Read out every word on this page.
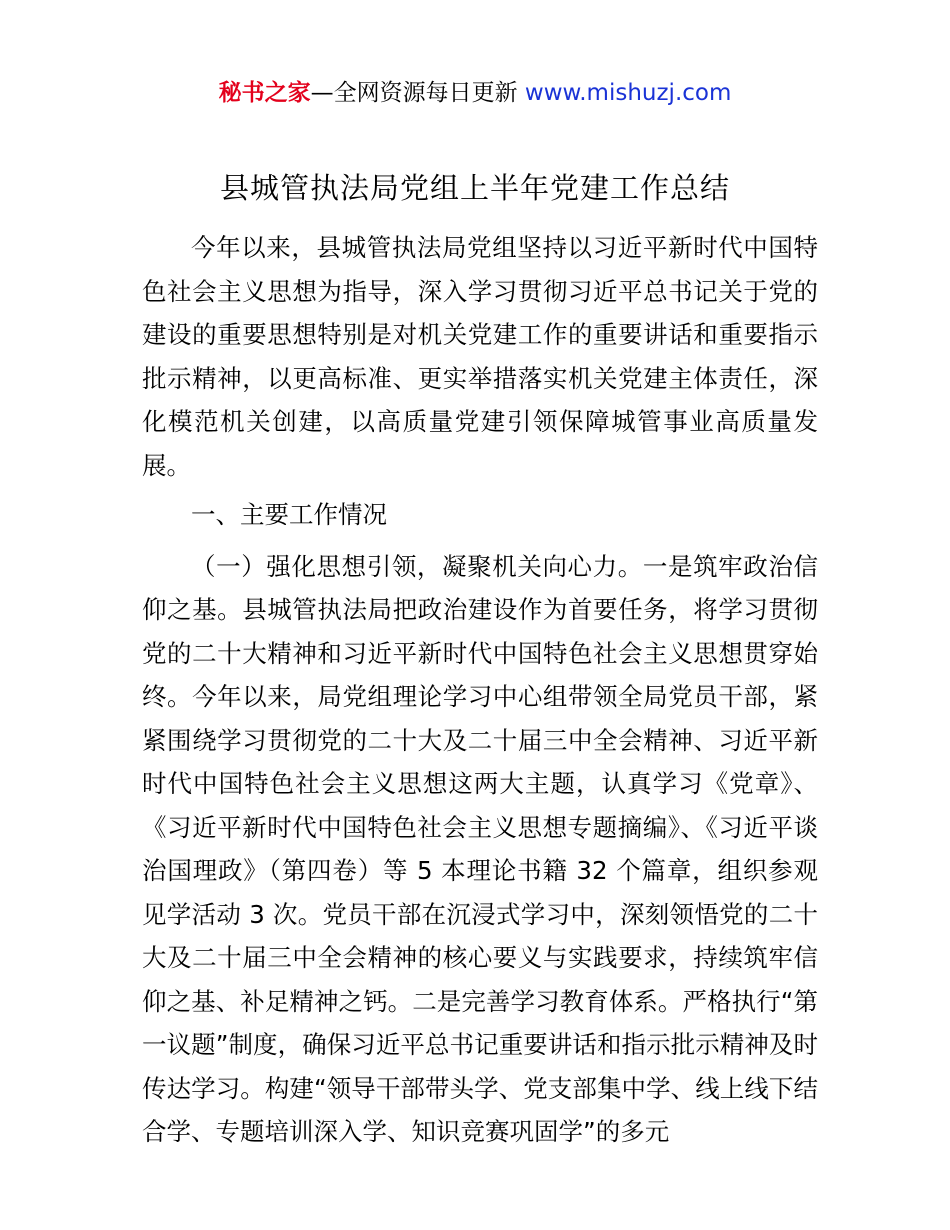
秘书之家—全网资源每日更新 www.mishuzj.com
县城管执法局党组上半年党建工作总结

今年以来，县城管执法局党组坚持以习近平新时代中国特色社会主义思想为指导，深入学习贯彻习近平总书记关于党的建设的重要思想特别是对机关党建工作的重要讲话和重要指示批示精神，以更高标准、更实举措落实机关党建主体责任，深化模范机关创建，以高质量党建引领保障城管事业高质量发展。

一、主要工作情况

（一）强化思想引领，凝聚机关向心力。一是筑牢政治信仰之基。县城管执法局把政治建设作为首要任务，将学习贯彻党的二十大精神和习近平新时代中国特色社会主义思想贯穿始终。今年以来，局党组理论学习中心组带领全局党员干部，紧紧围绕学习贯彻党的二十大及二十届三中全会精神、习近平新时代中国特色社会主义思想这两大主题，认真学习《党章》、《习近平新时代中国特色社会主义思想专题摘编》、《习近平谈治国理政》（第四卷）等 5 本理论书籍 32 个篇章，组织参观见学活动 3 次。党员干部在沉浸式学习中，深刻领悟党的二十大及二十届三中全会精神的核心要义与实践要求，持续筑牢信仰之基、补足精神之钙。二是完善学习教育体系。严格执行“第一议题”制度，确保习近平总书记重要讲话和指示批示精神及时传达学习。构建“领导干部带头学、党支部集中学、线上线下结合学、专题培训深入学、知识竞赛巩固学”的多元
